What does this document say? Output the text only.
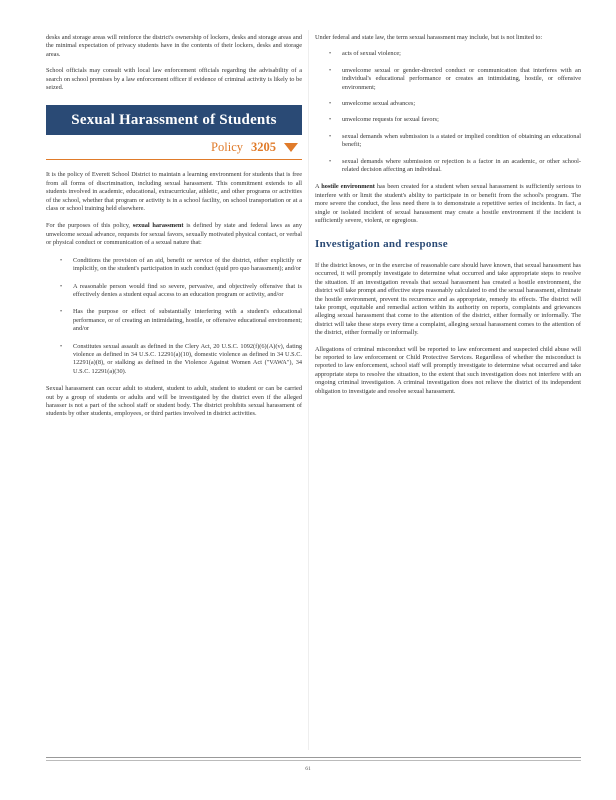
desks and storage areas will reinforce the district's ownership of lockers, desks and storage areas and the minimal expectation of privacy students have in the contents of their lockers, desks and storage areas.

School officials may consult with local law enforcement officials regarding the advisability of a search on school premises by a law enforcement officer if evidence of criminal activity is likely to be seized.

Sexual Harassment of Students
Policy 3205

It is the policy of Everett School District to maintain a learning environment for students that is free from all forms of discrimination, including sexual harassment. This commitment extends to all students involved in academic, educational, extracurricular, athletic, and other programs or activities of the school, whether that program or activity is in a school facility, on school transportation or at a class or school training held elsewhere.

For the purposes of this policy, sexual harassment is defined by state and federal laws as any unwelcome sexual advance, requests for sexual favors, sexually motivated physical contact, or verbal or physical conduct or communication of a sexual nature that:

• Conditions the provision of an aid, benefit or service of the district, either explicitly or implicitly, on the student's participation in such conduct (quid pro quo harassment); and/or
• A reasonable person would find so severe, pervasive, and objectively offensive that is effectively denies a student equal access to an education program or activity, and/or
• Has the purpose or effect of substantially interfering with a student's educational performance, or of creating an intimidating, hostile, or offensive educational environment; and/or
• Constitutes sexual assault as defined in the Clery Act, 20 U.S.C. 1092(f)(6)(A)(v), dating violence as defined in 34 U.S.C. 12291(a)(10), domestic violence as defined in 34 U.S.C. 12291(a)(8), or stalking as defined in the Violence Against Women Act ("VAWA"), 34 U.S.C. 12291(a)(30).

Sexual harassment can occur adult to student, student to adult, student to student or can be carried out by a group of students or adults and will be investigated by the district even if the alleged harasser is not a part of the school staff or student body. The district prohibits sexual harassment of students by other students, employees, or third parties involved in district activities.

Under federal and state law, the term sexual harassment may include, but is not limited to:

• acts of sexual violence;
• unwelcome sexual or gender-directed conduct or communication that interferes with an individual's educational performance or creates an intimidating, hostile, or offensive environment;
• unwelcome sexual advances;
• unwelcome requests for sexual favors;
• sexual demands when submission is a stated or implied condition of obtaining an educational benefit;
• sexual demands where submission or rejection is a factor in an academic, or other school-related decision affecting an individual.

A hostile environment has been created for a student when sexual harassment is sufficiently serious to interfere with or limit the student's ability to participate in or benefit from the school's program. The more severe the conduct, the less need there is to demonstrate a repetitive series of incidents. In fact, a single or isolated incident of sexual harassment may create a hostile environment if the incident is sufficiently severe, violent, or egregious.

Investigation and response

If the district knows, or in the exercise of reasonable care should have known, that sexual harassment has occurred, it will promptly investigate to determine what occurred and take appropriate steps to resolve the situation. If an investigation reveals that sexual harassment has created a hostile environment, the district will take prompt and effective steps reasonably calculated to end the sexual harassment, eliminate the hostile environment, prevent its recurrence and as appropriate, remedy its effects. The district will take prompt, equitable and remedial action within its authority on reports, complaints and grievances alleging sexual harassment that come to the attention of the district, either formally or informally. The district will take these steps every time a complaint, alleging sexual harassment comes to the attention of the district, either formally or informally.

Allegations of criminal misconduct will be reported to law enforcement and suspected child abuse will be reported to law enforcement or Child Protective Services. Regardless of whether the misconduct is reported to law enforcement, school staff will promptly investigate to determine what occurred and take appropriate steps to resolve the situation, to the extent that such investigation does not interfere with an ongoing criminal investigation. A criminal investigation does not relieve the district of its independent obligation to investigate and resolve sexual harassment.

61
